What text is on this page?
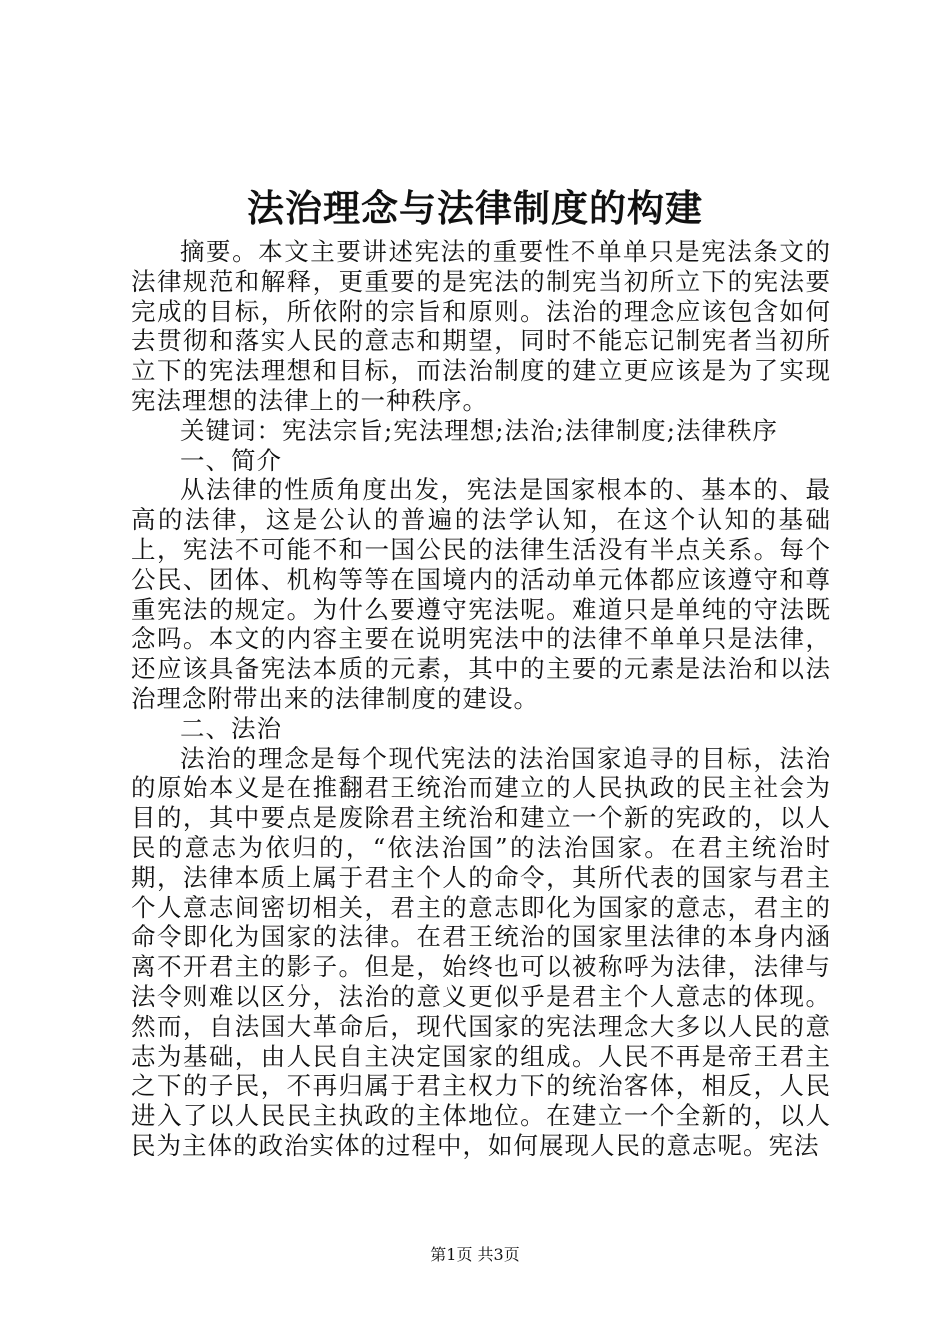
法治理念与法律制度的构建

摘要。本文主要讲述宪法的重要性不单单只是宪法条文的法律规范和解释，更重要的是宪法的制宪当初所立下的宪法要完成的目标，所依附的宗旨和原则。法治的理念应该包含如何去贯彻和落实人民的意志和期望，同时不能忘记制宪者当初所立下的宪法理想和目标，而法治制度的建立更应该是为了实现宪法理想的法律上的一种秩序。

关键词：宪法宗旨;宪法理想;法治;法律制度;法律秩序

一、简介

从法律的性质角度出发，宪法是国家根本的、基本的、最高的法律，这是公认的普遍的法学认知，在这个认知的基础上，宪法不可能不和一国公民的法律生活没有半点关系。每个公民、团体、机构等等在国境内的活动单元体都应该遵守和尊重宪法的规定。为什么要遵守宪法呢。难道只是单纯的守法既念吗。本文的内容主要在说明宪法中的法律不单单只是法律，还应该具备宪法本质的元素，其中的主要的元素是法治和以法治理念附带出来的法律制度的建设。

二、法治

法治的理念是每个现代宪法的法治国家追寻的目标，法治的原始本义是在推翻君王统治而建立的人民执政的民主社会为目的，其中要点是废除君主统治和建立一个新的宪政的，以人民的意志为依归的，“依法治国”的法治国家。在君主统治时期，法律本质上属于君主个人的命令，其所代表的国家与君主个人意志间密切相关，君主的意志即化为国家的意志，君主的命令即化为国家的法律。在君王统治的国家里法律的本身内涵离不开君主的影子。但是，始终也可以被称呼为法律，法律与法令则难以区分，法治的意义更似乎是君主个人意志的体现。然而，自法国大革命后，现代国家的宪法理念大多以人民的意志为基础，由人民自主决定国家的组成。人民不再是帝王君主之下的子民，不再归属于君主权力下的统治客体，相反，人民进入了以人民民主执政的主体地位。在建立一个全新的，以人民为主体的政治实体的过程中，如何展现人民的意志呢。宪法

第1页 共3页
